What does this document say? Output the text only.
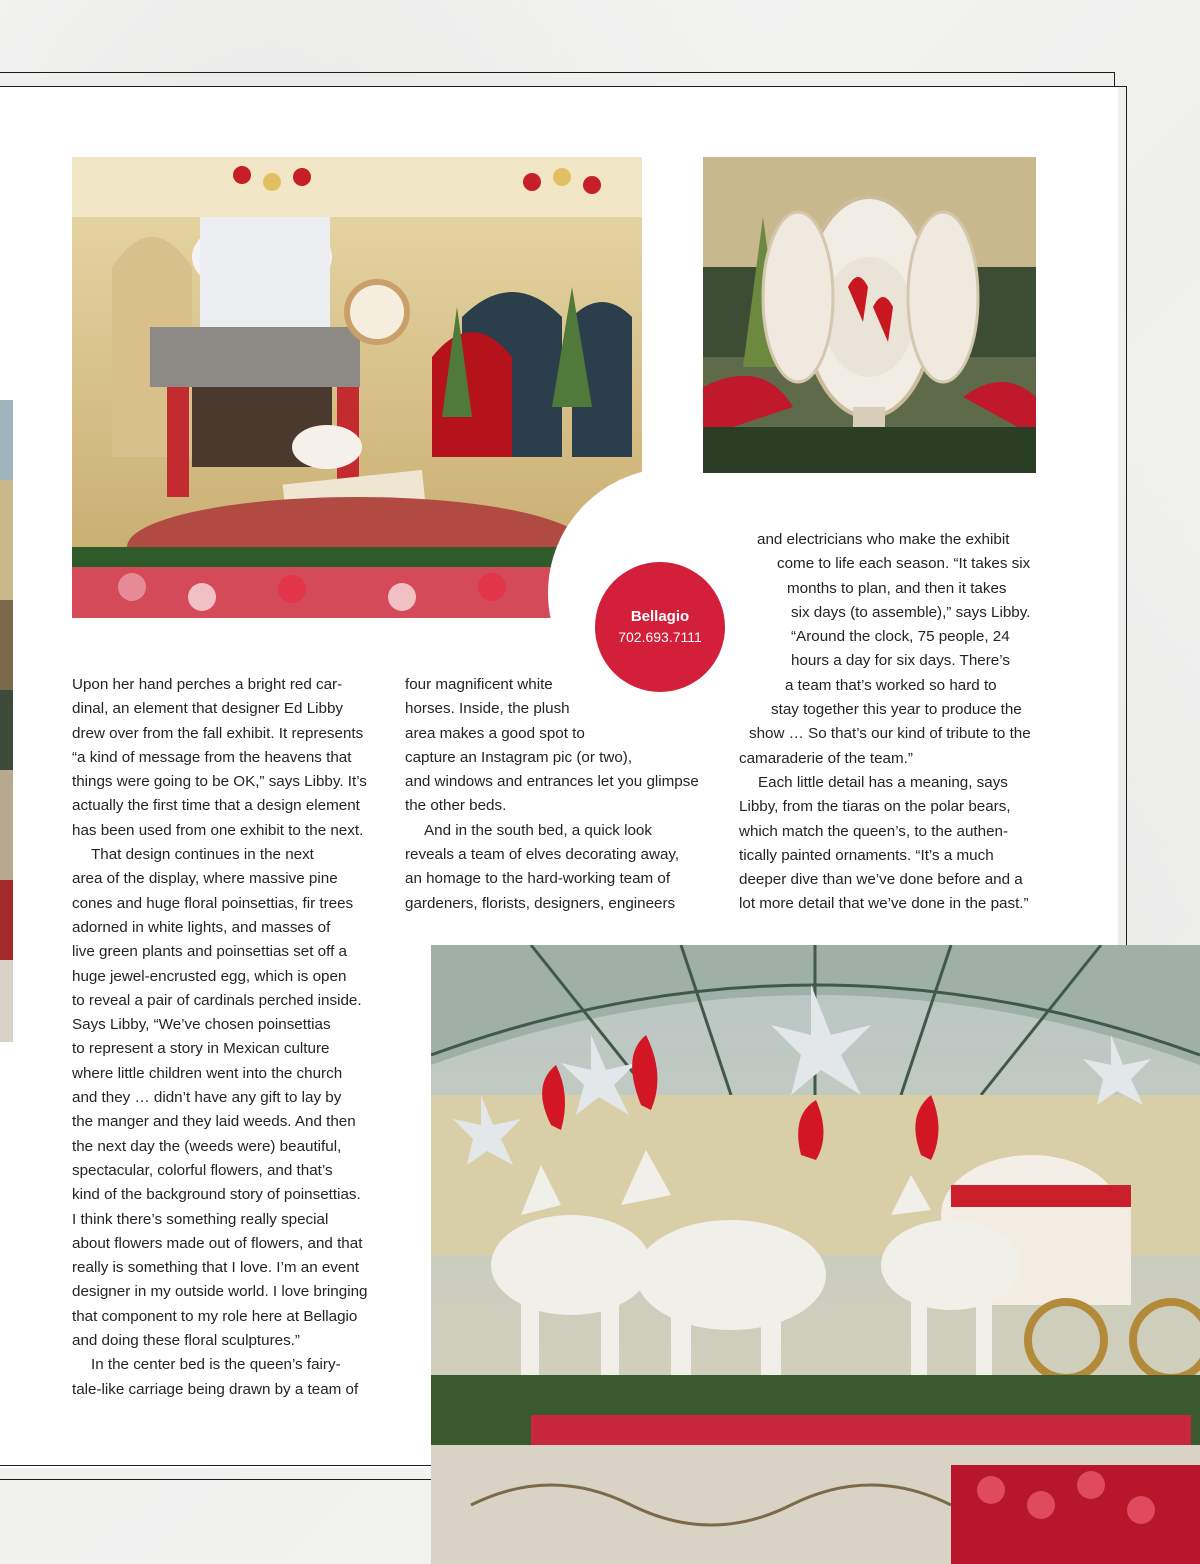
Bellagio
702.693.7111
Upon her hand perches a bright red car-
dinal, an element that designer Ed Libby
drew over from the fall exhibit. It represents
“a kind of message from the heavens that
things were going to be OK,” says Libby. It’s
actually the first time that a design element
has been used from one exhibit to the next.
That design continues in the next
area of the display, where massive pine
cones and huge floral poinsettias, fir trees
adorned in white lights, and masses of
live green plants and poinsettias set off a
huge jewel-encrusted egg, which is open
to reveal a pair of cardinals perched inside.
Says Libby, “We’ve chosen poinsettias
to represent a story in Mexican culture
where little children went into the church
and they … didn’t have any gift to lay by
the manger and they laid weeds. And then
the next day the (weeds were) beautiful,
spectacular, colorful flowers, and that’s
kind of the background story of poinsettias.
I think there’s something really special
about flowers made out of flowers, and that
really is something that I love. I’m an event
designer in my outside world. I love bringing
that component to my role here at Bellagio
and doing these floral sculptures.”
In the center bed is the queen’s fairy-
tale-like carriage being drawn by a team of
four magnificent white
horses. Inside, the plush
area makes a good spot to
capture an Instagram pic (or two),
and windows and entrances let you glimpse
the other beds.
And in the south bed, a quick look
reveals a team of elves decorating away,
an homage to the hard-working team of
gardeners, florists, designers, engineers
and electricians who make the exhibit
come to life each season. “It takes six
months to plan, and then it takes
six days (to assemble),” says Libby.
“Around the clock, 75 people, 24
hours a day for six days. There’s
a team that’s worked so hard to
stay together this year to produce the
show … So that’s our kind of tribute to the
camaraderie of the team.”
Each little detail has a meaning, says
Libby, from the tiaras on the polar bears,
which match the queen’s, to the authen-
tically painted ornaments. “It’s a much
deeper dive than we’ve done before and a
lot more detail that we’ve done in the past.”
